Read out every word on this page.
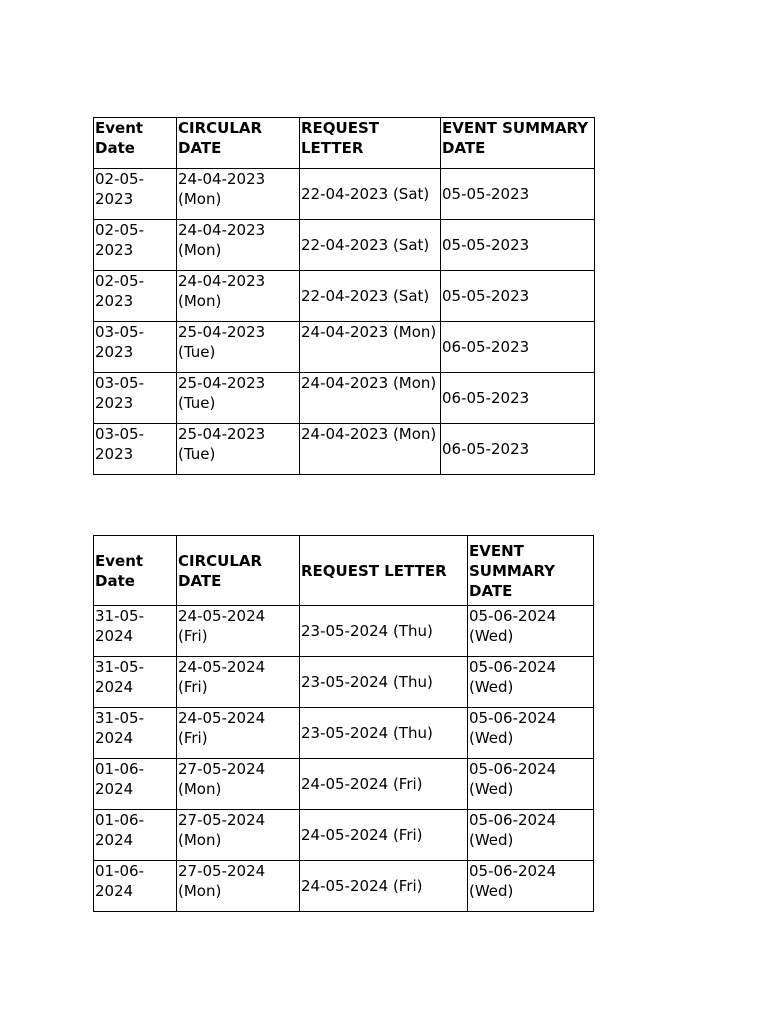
Event Date	CIRCULAR DATE	REQUEST LETTER	EVENT SUMMARY DATE
02-05-2023	24-04-2023 (Mon)	22-04-2023 (Sat)	05-05-2023
02-05-2023	24-04-2023 (Mon)	22-04-2023 (Sat)	05-05-2023
02-05-2023	24-04-2023 (Mon)	22-04-2023 (Sat)	05-05-2023
03-05-2023	25-04-2023 (Tue)	24-04-2023 (Mon)	06-05-2023
03-05-2023	25-04-2023 (Tue)	24-04-2023 (Mon)	06-05-2023
03-05-2023	25-04-2023 (Tue)	24-04-2023 (Mon)	06-05-2023
Event Date	CIRCULAR DATE	REQUEST LETTER	EVENT SUMMARY DATE
31-05-2024	24-05-2024 (Fri)	23-05-2024 (Thu)	05-06-2024 (Wed)
31-05-2024	24-05-2024 (Fri)	23-05-2024 (Thu)	05-06-2024 (Wed)
31-05-2024	24-05-2024 (Fri)	23-05-2024 (Thu)	05-06-2024 (Wed)
01-06-2024	27-05-2024 (Mon)	24-05-2024 (Fri)	05-06-2024 (Wed)
01-06-2024	27-05-2024 (Mon)	24-05-2024 (Fri)	05-06-2024 (Wed)
01-06-2024	27-05-2024 (Mon)	24-05-2024 (Fri)	05-06-2024 (Wed)
